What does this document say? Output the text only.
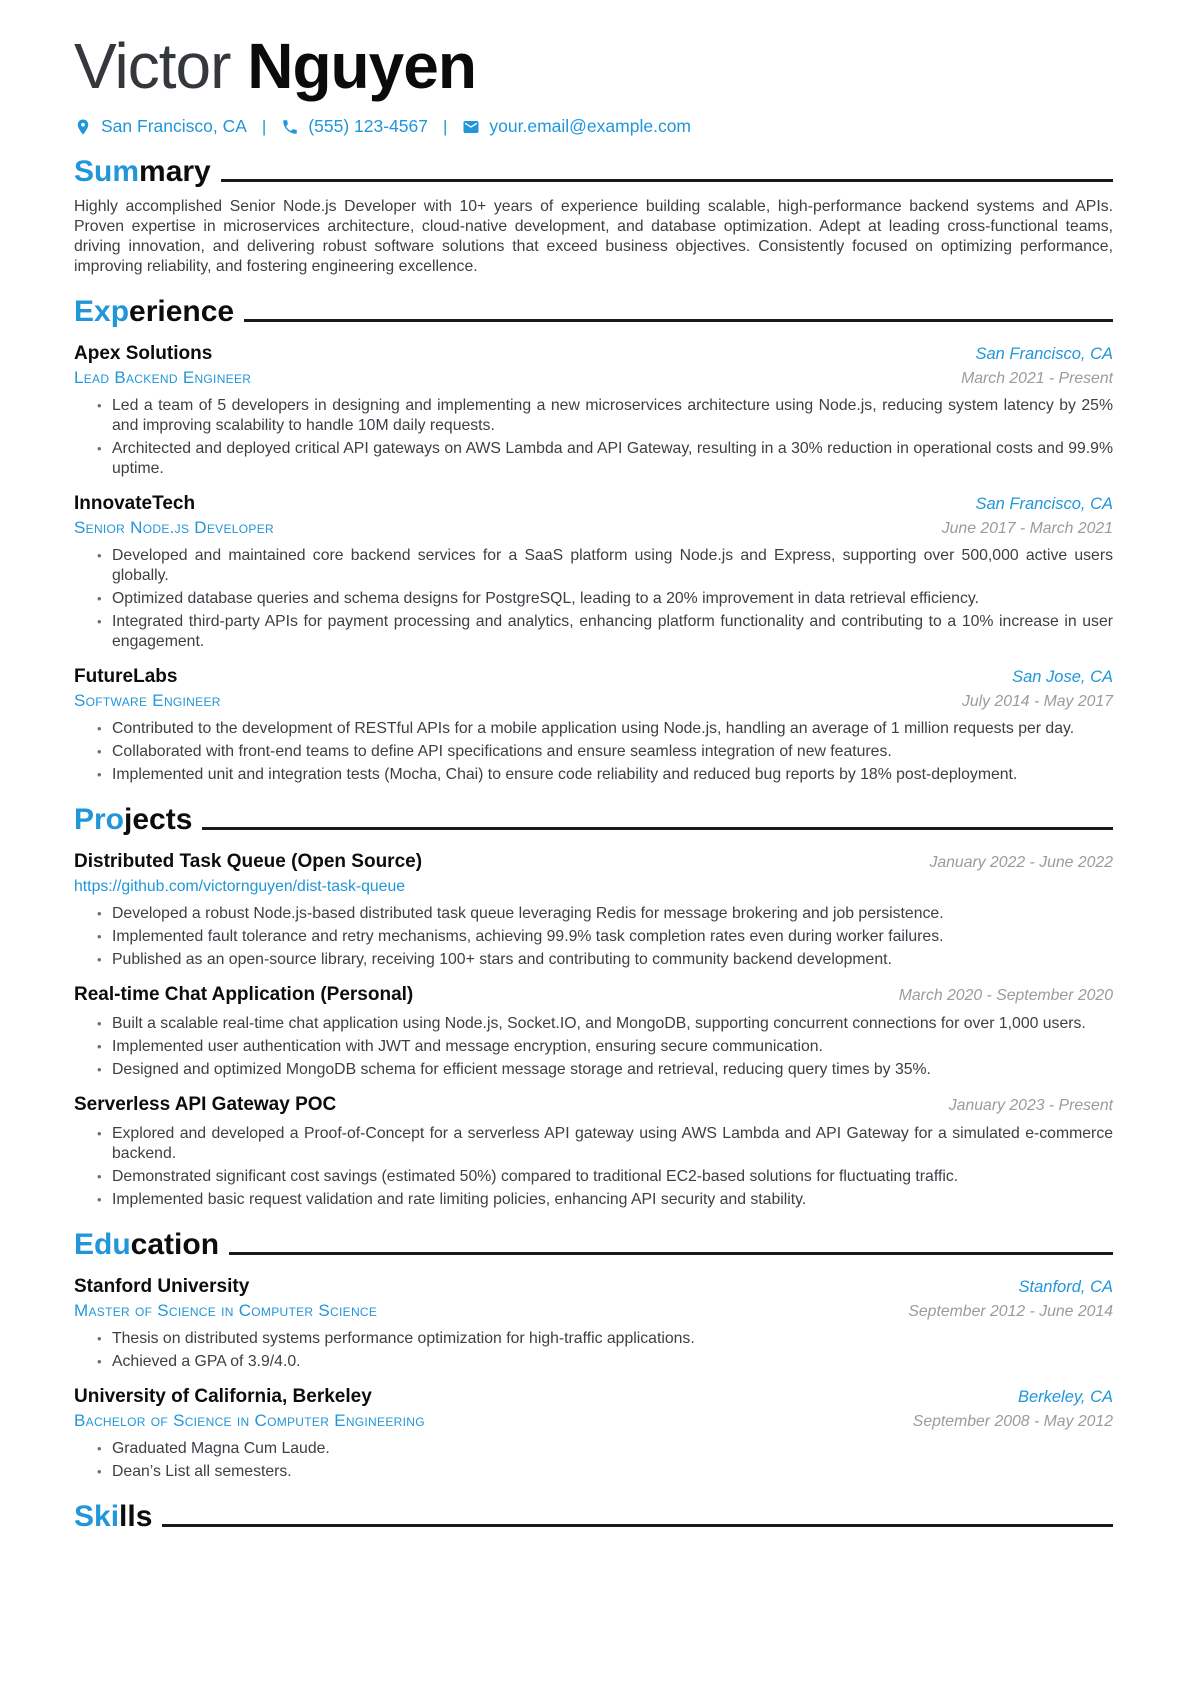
Victor Nguyen
San Francisco, CA | (555) 123-4567 | your.email@example.com
Summary

Highly accomplished Senior Node.js Developer with 10+ years of experience building scalable, high-performance backend systems and APIs. Proven expertise in microservices architecture, cloud-native development, and database optimization. Adept at leading cross-functional teams, driving innovation, and delivering robust software solutions that exceed business objectives. Consistently focused on optimizing performance, improving reliability, and fostering engineering excellence.

Experience
Apex Solutions	San Francisco, CA
Lead Backend Engineer	March 2021 - Present
• Led a team of 5 developers in designing and implementing a new microservices architecture using Node.js, reducing system latency by 25% and improving scalability to handle 10M daily requests.
• Architected and deployed critical API gateways on AWS Lambda and API Gateway, resulting in a 30% reduction in operational costs and 99.9% uptime.
InnovateTech	San Francisco, CA
Senior Node.js Developer	June 2017 - March 2021
• Developed and maintained core backend services for a SaaS platform using Node.js and Express, supporting over 500,000 active users globally.
• Optimized database queries and schema designs for PostgreSQL, leading to a 20% improvement in data retrieval efficiency.
• Integrated third-party APIs for payment processing and analytics, enhancing platform functionality and contributing to a 10% increase in user engagement.
FutureLabs	San Jose, CA
Software Engineer	July 2014 - May 2017
• Contributed to the development of RESTful APIs for a mobile application using Node.js, handling an average of 1 million requests per day.
• Collaborated with front-end teams to define API specifications and ensure seamless integration of new features.
• Implemented unit and integration tests (Mocha, Chai) to ensure code reliability and reduced bug reports by 18% post-deployment.
Projects
Distributed Task Queue (Open Source)	January 2022 - June 2022
https://github.com/victornguyen/dist-task-queue
• Developed a robust Node.js-based distributed task queue leveraging Redis for message brokering and job persistence.
• Implemented fault tolerance and retry mechanisms, achieving 99.9% task completion rates even during worker failures.
• Published as an open-source library, receiving 100+ stars and contributing to community backend development.
Real-time Chat Application (Personal)	March 2020 - September 2020
• Built a scalable real-time chat application using Node.js, Socket.IO, and MongoDB, supporting concurrent connections for over 1,000 users.
• Implemented user authentication with JWT and message encryption, ensuring secure communication.
• Designed and optimized MongoDB schema for efficient message storage and retrieval, reducing query times by 35%.
Serverless API Gateway POC	January 2023 - Present
• Explored and developed a Proof-of-Concept for a serverless API gateway using AWS Lambda and API Gateway for a simulated e-commerce backend.
• Demonstrated significant cost savings (estimated 50%) compared to traditional EC2-based solutions for fluctuating traffic.
• Implemented basic request validation and rate limiting policies, enhancing API security and stability.
Education
Stanford University	Stanford, CA
Master of Science in Computer Science	September 2012 - June 2014
• Thesis on distributed systems performance optimization for high-traffic applications.
• Achieved a GPA of 3.9/4.0.
University of California, Berkeley	Berkeley, CA
Bachelor of Science in Computer Engineering	September 2008 - May 2012
• Graduated Magna Cum Laude.
• Dean’s List all semesters.
Skills
